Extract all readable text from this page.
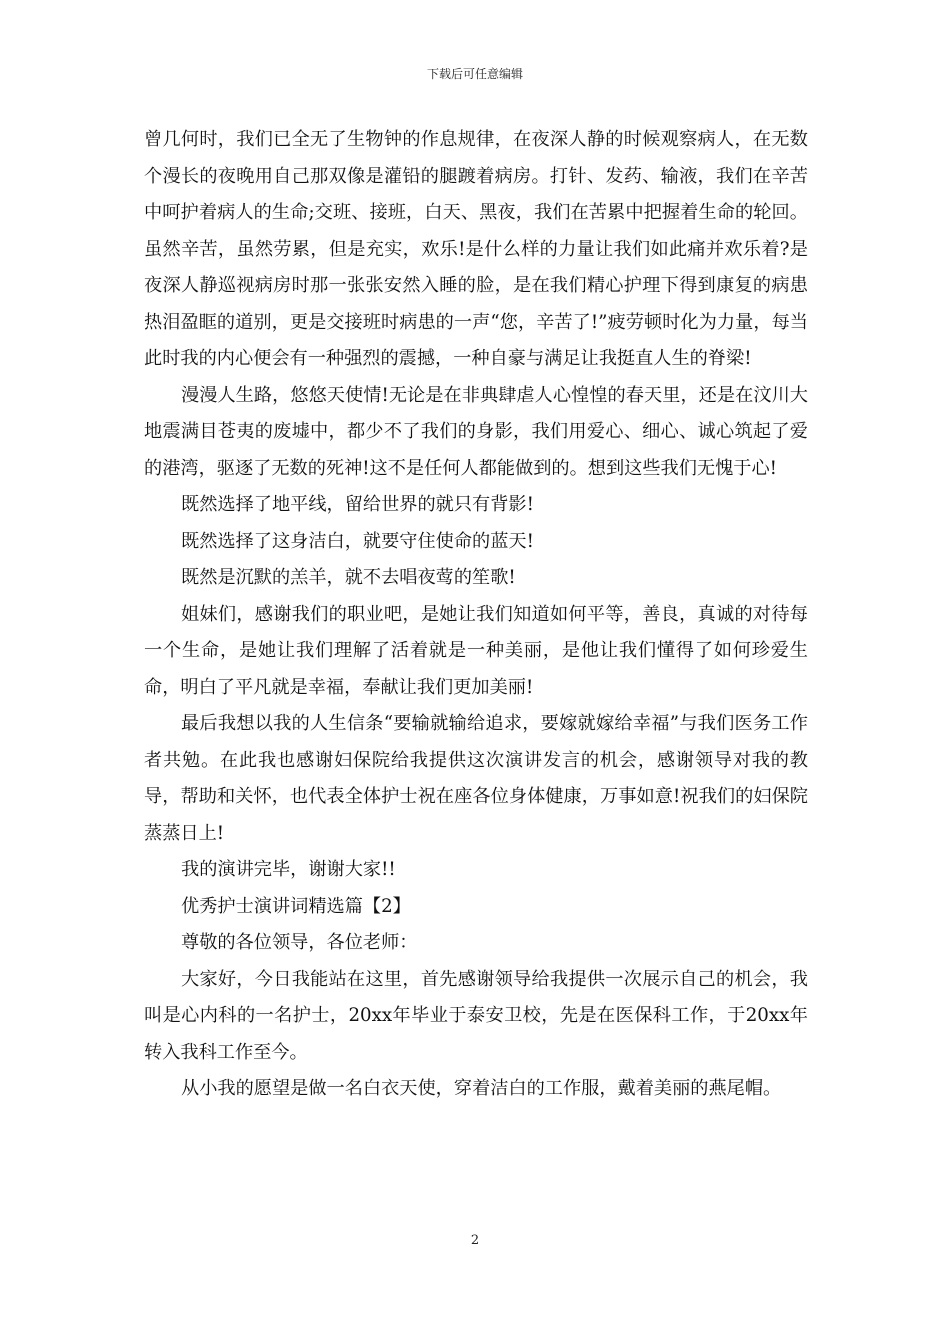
下载后可任意编辑

曾几何时，我们已全无了生物钟的作息规律，在夜深人静的时候观察病人，在无数个漫长的夜晚用自己那双像是灌铅的腿踱着病房。打针、发药、输液，我们在辛苦中呵护着病人的生命;交班、接班，白天、黑夜，我们在苦累中把握着生命的轮回。虽然辛苦，虽然劳累，但是充实，欢乐!是什么样的力量让我们如此痛并欢乐着?是夜深人静巡视病房时那一张张安然入睡的脸，是在我们精心护理下得到康复的病患热泪盈眶的道别，更是交接班时病患的一声“您，辛苦了!”疲劳顿时化为力量，每当此时我的内心便会有一种强烈的震撼，一种自豪与满足让我挺直人生的脊梁!

漫漫人生路，悠悠天使情!无论是在非典肆虐人心惶惶的春天里，还是在汶川大地震满目苍夷的废墟中，都少不了我们的身影，我们用爱心、细心、诚心筑起了爱的港湾，驱逐了无数的死神!这不是任何人都能做到的。想到这些我们无愧于心!

既然选择了地平线，留给世界的就只有背影!

既然选择了这身洁白，就要守住使命的蓝天!

既然是沉默的羔羊，就不去唱夜莺的笙歌!

姐妹们，感谢我们的职业吧，是她让我们知道如何平等，善良，真诚的对待每一个生命，是她让我们理解了活着就是一种美丽，是他让我们懂得了如何珍爱生命，明白了平凡就是幸福，奉献让我们更加美丽!

最后我想以我的人生信条“要输就输给追求，要嫁就嫁给幸福”与我们医务工作者共勉。在此我也感谢妇保院给我提供这次演讲发言的机会，感谢领导对我的教导，帮助和关怀，也代表全体护士祝在座各位身体健康，万事如意!祝我们的妇保院蒸蒸日上!

我的演讲完毕，谢谢大家!!

优秀护士演讲词精选篇【2】

尊敬的各位领导，各位老师：

大家好，今日我能站在这里，首先感谢领导给我提供一次展示自己的机会，我叫是心内科的一名护士，20xx年毕业于泰安卫校，先是在医保科工作，于20xx年转入我科工作至今。

从小我的愿望是做一名白衣天使，穿着洁白的工作服，戴着美丽的燕尾帽。

2
